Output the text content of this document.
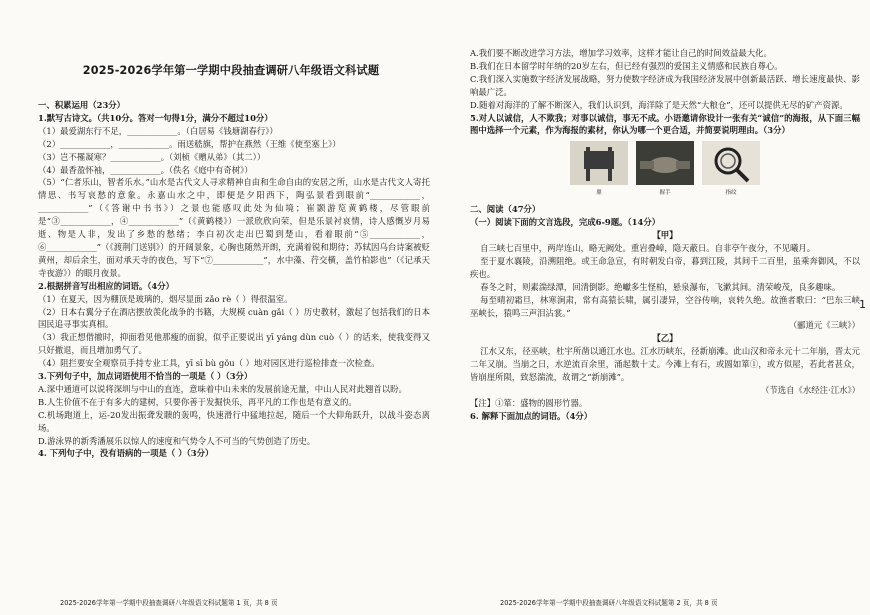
2025-2026学年第一学期中段抽查调研八年级语文科试题

一、积累运用（23分）

1.默写古诗文。（共10分。答对一句得1分，满分不超过10分）

（1）最爱湖东行不足，____________。（白居易《钱塘湖春行》）

（2）____________，____________。雨送嵇旗，帮护在燕然（王维《使至塞上》）

（3）岂不罹凝寒？____________。（刘桢《赠从弟》（其二））

（4）最香盈怀袖，____________。（佚名《庭中有奇树》）

（5）“仁者乐山，智者乐水。”山水是古代文人寻求精神自由和生命自由的安居之所，山水是古代文人寄托情思、书写哀愁的意象。永嘉山水之中，即便是夕阳西下，陶弘景看到眼前“____________，____________”（《答谢中书书》）之景也能感叹此处为仙境；崔颢游览黄鹤楼，尽管眼前是“③____________，④____________”（《黄鹤楼》）一派欣欣向荣，但是乐景衬哀情，诗人感慨岁月易逝、物是人非，发出了乡愁的愁绪；李白初次走出巴蜀到楚山，看着眼前“⑤____________，⑥____________”（《渡荆门送别》）的开阔景象，心胸也随然开朗，充满着锐和期待；苏轼因乌台诗案被贬黄州，却后余生，面对承天寺的夜色，写下“⑦____________”，水中藻、荇交横，盖竹柏影也”（《记承天寺夜游》）的眼月夜景。

2.根据拼音写出相应的词语。（4分）

（1）在夏天，因为棚顶是玻璃的，烟尽显面 zǎo rè（ ）得很温室。

（2）日本右翼分子在酒店摆放羡化战争的书籍，大规模 cuàn gǎi（ ）历史教材，激起了包括我们的日本国民追寻事实真相。

（3）我正想借撤时，抑面看见他那瘦的面貌，似乎正要说出 yī yáng dùn cuò（ ）的话来，使我变得又只好撤退，而且增加勇气了。

（4）阻拦要安全观察员手持专业工具，yī sī bù gǒu（ ）地对园区进行巡检排查一次检查。

3.下列句子中，加点词语使用不恰当的一项是（ ）（3分）

A.深中通道可以说将深圳与中山的直连，意味着中山未来的发展前途无量，中山人民对此翘首以盼。

B.人生价值不在于有多大的建树，只要你善于发掘快乐，再平凡的工作也是有意义的。

C.机场跑道上，运-20发出振聋发聩的轰鸣，快速滑行中猛地拉起，随后一个大仰角跃升，以战斗姿态离场。

D.游泳界的新秀潘展乐以惊人的速度和气势令人不可当的气势创造了历史。

4. 下列句子中，没有语病的一项是（ ）（3分）

2025-2026学年第一学期中段抽查调研八年级语文科试题第 1 页，共 8 页

A.我们要不断改进学习方法，增加学习效率，这样才能让自己的时间效益最大化。

B.我们在日本留学时年纳的20岁左右，但已经有强烈的爱国主义情感和民族自尊心。

C.我们深入实施数字经济发展战略，努力使数字经济成为我国经济发展中创新最活跃、增长速度最快、影响最广泛。

D.随着对海洋的了解不断深入，我们认识到，海洋除了是天然“大粮仓”，还可以提供无尽的矿产资源。

5.对人以诚信，人不欺我；对事以诚信，事无不成。小语邀请你设计一张有关“诚信”的海报，从下面三幅图中选择一个元素，作为海报的素材，你认为哪一个更合适，并简要说明理由。（3分）

鼎	握手	指纹

二、阅读（47分）

（一）阅读下面的文言选段，完成6-9题。（14分）

【甲】

自三峡七百里中，两岸连山，略无阙处。重岩叠嶂，隐天蔽日。自非亭午夜分，不见曦月。

至于夏水襄陵，沿溯阻绝。或王命急宣，有时朝发白帝，暮到江陵，其间千二百里，虽乘奔御风，不以疾也。

春冬之时，则素湍绿潭，回清倒影。绝巘多生怪柏，悬泉瀑布，飞漱其间。清荣峻茂，良多趣味。

每至晴初霜旦，林寒涧肃，常有高猿长啸，属引凄异，空谷传响，哀转久绝。故渔者歌曰：“巴东三峡巫峡长，猿鸣三声泪沾裳。”

（郦道元《三峡》）

【乙】

江水又东，径巫峡，杜宇所凿以通江水也。江水历峡东，径新崩滩。此山汉和帝永元十二年崩，晋太元二年又崩。当崩之日，水逆流百余里，涌起数十丈。今滩上有石，或圆如箪①，或方似屋，若此者甚众，皆崩崖所陨，致怒湍流，故谓之“新崩滩”。

（节选自《水经注·江水》）

【注】①箪：盛物的圆形竹器。

6. 解释下面加点的词语。（4分）

1
2025-2026学年第一学期中段抽查调研八年级语文科试题第 2 页，共 8 页
